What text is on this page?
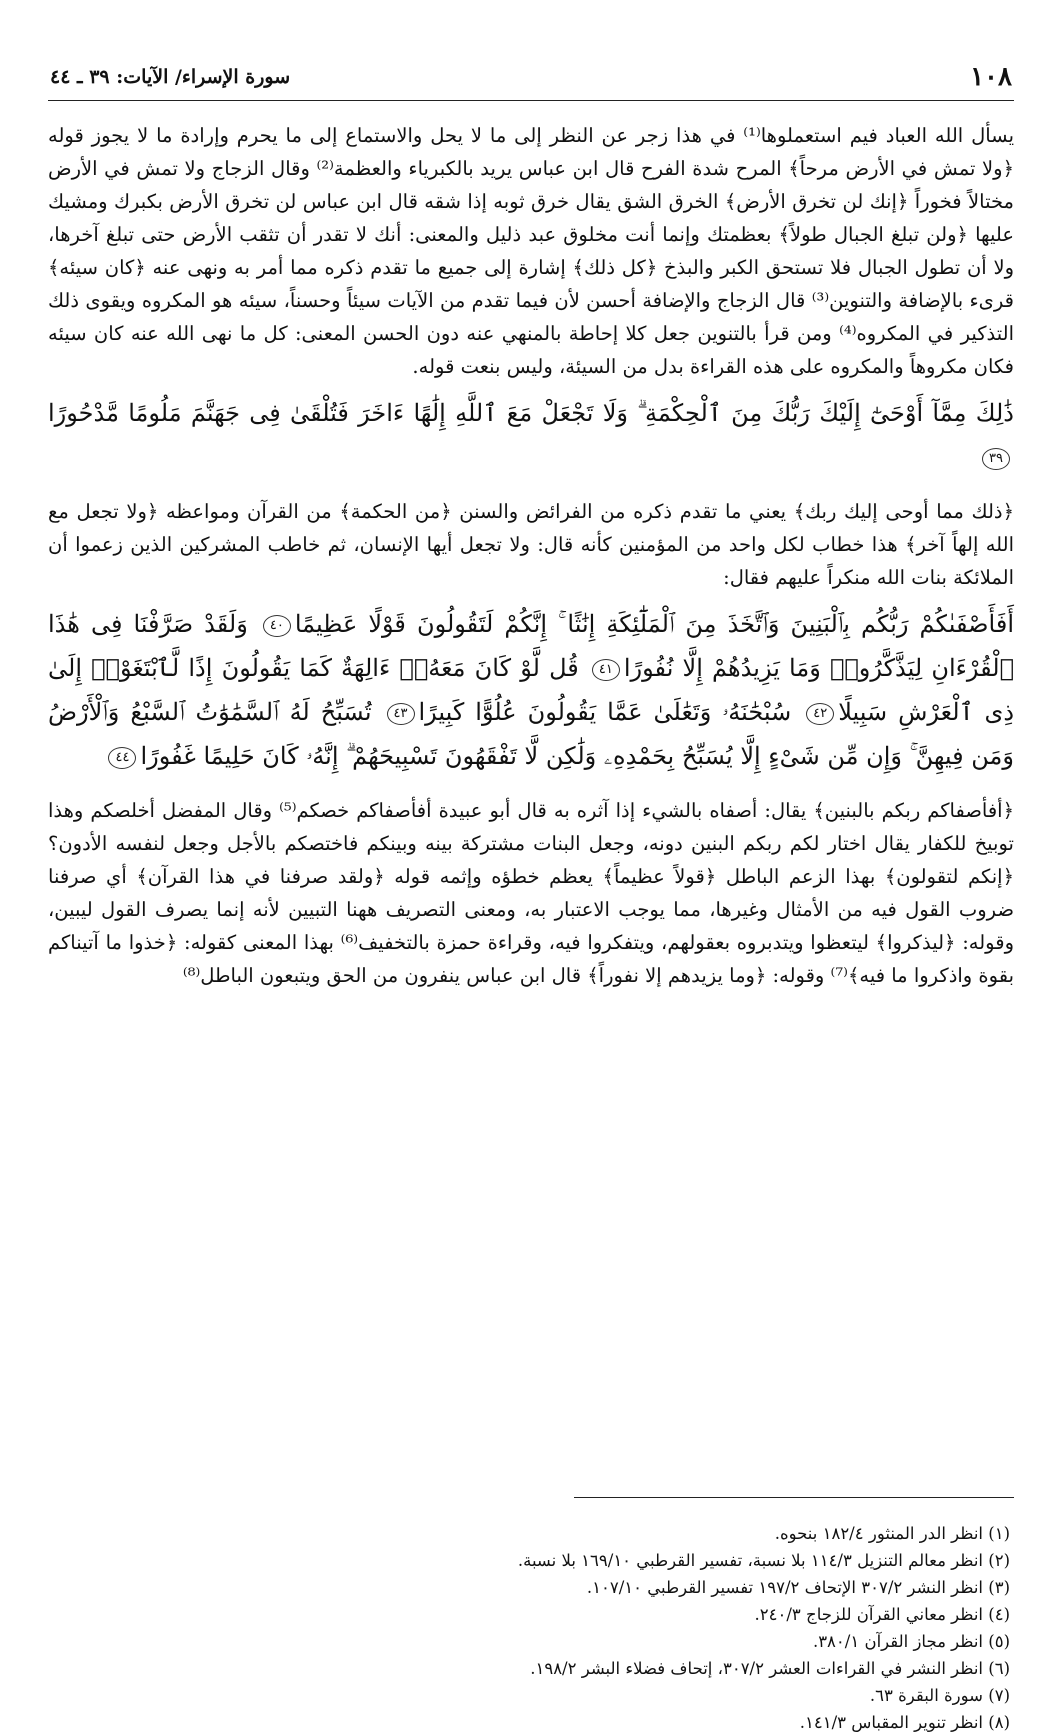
١٠٨
سورة الإسراء/ الآيات: ٣٩ ـ ٤٤

يسأل الله العباد فيم استعملوها⁽¹⁾ في هذا زجر عن النظر إلى ما لا يحل والاستماع إلى ما يحرم وإرادة ما لا يجوز قوله ﴿ولا تمش في الأرض مرحاً﴾ المرح شدة الفرح قال ابن عباس يريد بالكبرياء والعظمة⁽²⁾ وقال الزجاج ولا تمش في الأرض مختالاً فخوراً ﴿إنك لن تخرق الأرض﴾ الخرق الشق يقال خرق ثوبه إذا شقه قال ابن عباس لن تخرق الأرض بكبرك ومشيك عليها ﴿ولن تبلغ الجبال طولاً﴾ بعظمتك وإنما أنت مخلوق عبد ذليل والمعنى: أنك لا تقدر أن تثقب الأرض حتى تبلغ آخرها، ولا أن تطول الجبال فلا تستحق الكبر والبذخ ﴿كل ذلك﴾ إشارة إلى جميع ما تقدم ذكره مما أمر به ونهى عنه ﴿كان سيئه﴾ قرىء بالإضافة والتنوين⁽³⁾ قال الزجاج والإضافة أحسن لأن فيما تقدم من الآيات سيئاً وحسناً، سيئه هو المكروه ويقوى ذلك التذكير في المكروه⁽⁴⁾ ومن قرأ بالتنوين جعل كلا إحاطة بالمنهي عنه دون الحسن المعنى: كل ما نهى الله عنه كان سيئه فكان مكروهاً والمكروه على هذه القراءة بدل من السيئة، وليس بنعت قوله.

ذَٰلِكَ مِمَّآ أَوْحَىٰٓ إِلَيْكَ رَبُّكَ مِنَ ٱلْحِكْمَةِ ۗ وَلَا تَجْعَلْ مَعَ ٱللَّهِ إِلَٰهًا ءَاخَرَ فَتُلْقَىٰ فِى جَهَنَّمَ مَلُومًا مَّدْحُورًا ٣٩

﴿ذلك مما أوحى إليك ربك﴾ يعني ما تقدم ذكره من الفرائض والسنن ﴿من الحكمة﴾ من القرآن ومواعظه ﴿ولا تجعل مع الله إلهاً آخر﴾ هذا خطاب لكل واحد من المؤمنين كأنه قال: ولا تجعل أيها الإنسان، ثم خاطب المشركين الذين زعموا أن الملائكة بنات الله منكراً عليهم فقال:

أَفَأَصْفَىٰكُمْ رَبُّكُم بِٱلْبَنِينَ وَٱتَّخَذَ مِنَ ٱلْمَلَٰٓئِكَةِ إِنَٰثًا ۚ إِنَّكُمْ لَتَقُولُونَ قَوْلًا عَظِيمًا٤٠ وَلَقَدْ صَرَّفْنَا فِى هَٰذَا ٱلْقُرْءَانِ لِيَذَّكَّرُوا۟ وَمَا يَزِيدُهُمْ إِلَّا نُفُورًا٤١ قُل لَّوْ كَانَ مَعَهُۥٓ ءَالِهَةٌ كَمَا يَقُولُونَ إِذًا لَّٱبْتَغَوْا۟ إِلَىٰ ذِى ٱلْعَرْشِ سَبِيلًا٤٢ سُبْحَٰنَهُۥ وَتَعَٰلَىٰ عَمَّا يَقُولُونَ عُلُوًّا كَبِيرًا٤٣ تُسَبِّحُ لَهُ ٱلسَّمَٰوَٰتُ ٱلسَّبْعُ وَٱلْأَرْضُ وَمَن فِيهِنَّ ۚ وَإِن مِّن شَىْءٍ إِلَّا يُسَبِّحُ بِحَمْدِهِۦ وَلَٰكِن لَّا تَفْقَهُونَ تَسْبِيحَهُمْ ۗ إِنَّهُۥ كَانَ حَلِيمًا غَفُورًا٤٤

﴿أفأصفاكم ربكم بالبنين﴾ يقال: أصفاه بالشيء إذا آثره به قال أبو عبيدة أفأصفاكم خصكم⁽⁵⁾ وقال المفضل أخلصكم وهذا توبيخ للكفار يقال اختار لكم ربكم البنين دونه، وجعل البنات مشتركة بينه وبينكم فاختصكم بالأجل وجعل لنفسه الأدون؟ ﴿إنكم لتقولون﴾ بهذا الزعم الباطل ﴿قولاً عظيماً﴾ يعظم خطؤه وإثمه قوله ﴿ولقد صرفنا في هذا القرآن﴾ أي صرفنا ضروب القول فيه من الأمثال وغيرها، مما يوجب الاعتبار به، ومعنى التصريف ههنا التبيين لأنه إنما يصرف القول ليبين، وقوله: ﴿ليذكروا﴾ ليتعظوا ويتدبروه بعقولهم، ويتفكروا فيه، وقراءة حمزة بالتخفيف⁽⁶⁾ بهذا المعنى كقوله: ﴿خذوا ما آتيناكم بقوة واذكروا ما فيه﴾⁽⁷⁾ وقوله: ﴿وما يزيدهم إلا نفوراً﴾ قال ابن عباس ينفرون من الحق ويتبعون الباطل⁽⁸⁾

(١) انظر الدر المنثور ١٨٢/٤ بنحوه.
(٢) انظر معالم التنزيل ١١٤/٣ بلا نسبة، تفسير القرطبي ١٦٩/١٠ بلا نسبة.
(٣) انظر النشر ٣٠٧/٢ الإتحاف ١٩٧/٢ تفسير القرطبي ١٠٧/١٠.
(٤) انظر معاني القرآن للزجاج ٢٤٠/٣.
(٥) انظر مجاز القرآن ٣٨٠/١.
(٦) انظر النشر في القراءات العشر ٣٠٧/٢، إتحاف فضلاء البشر ١٩٨/٢.
(٧) سورة البقرة ٦٣.
(٨) انظر تنوير المقباس ١٤١/٣.
